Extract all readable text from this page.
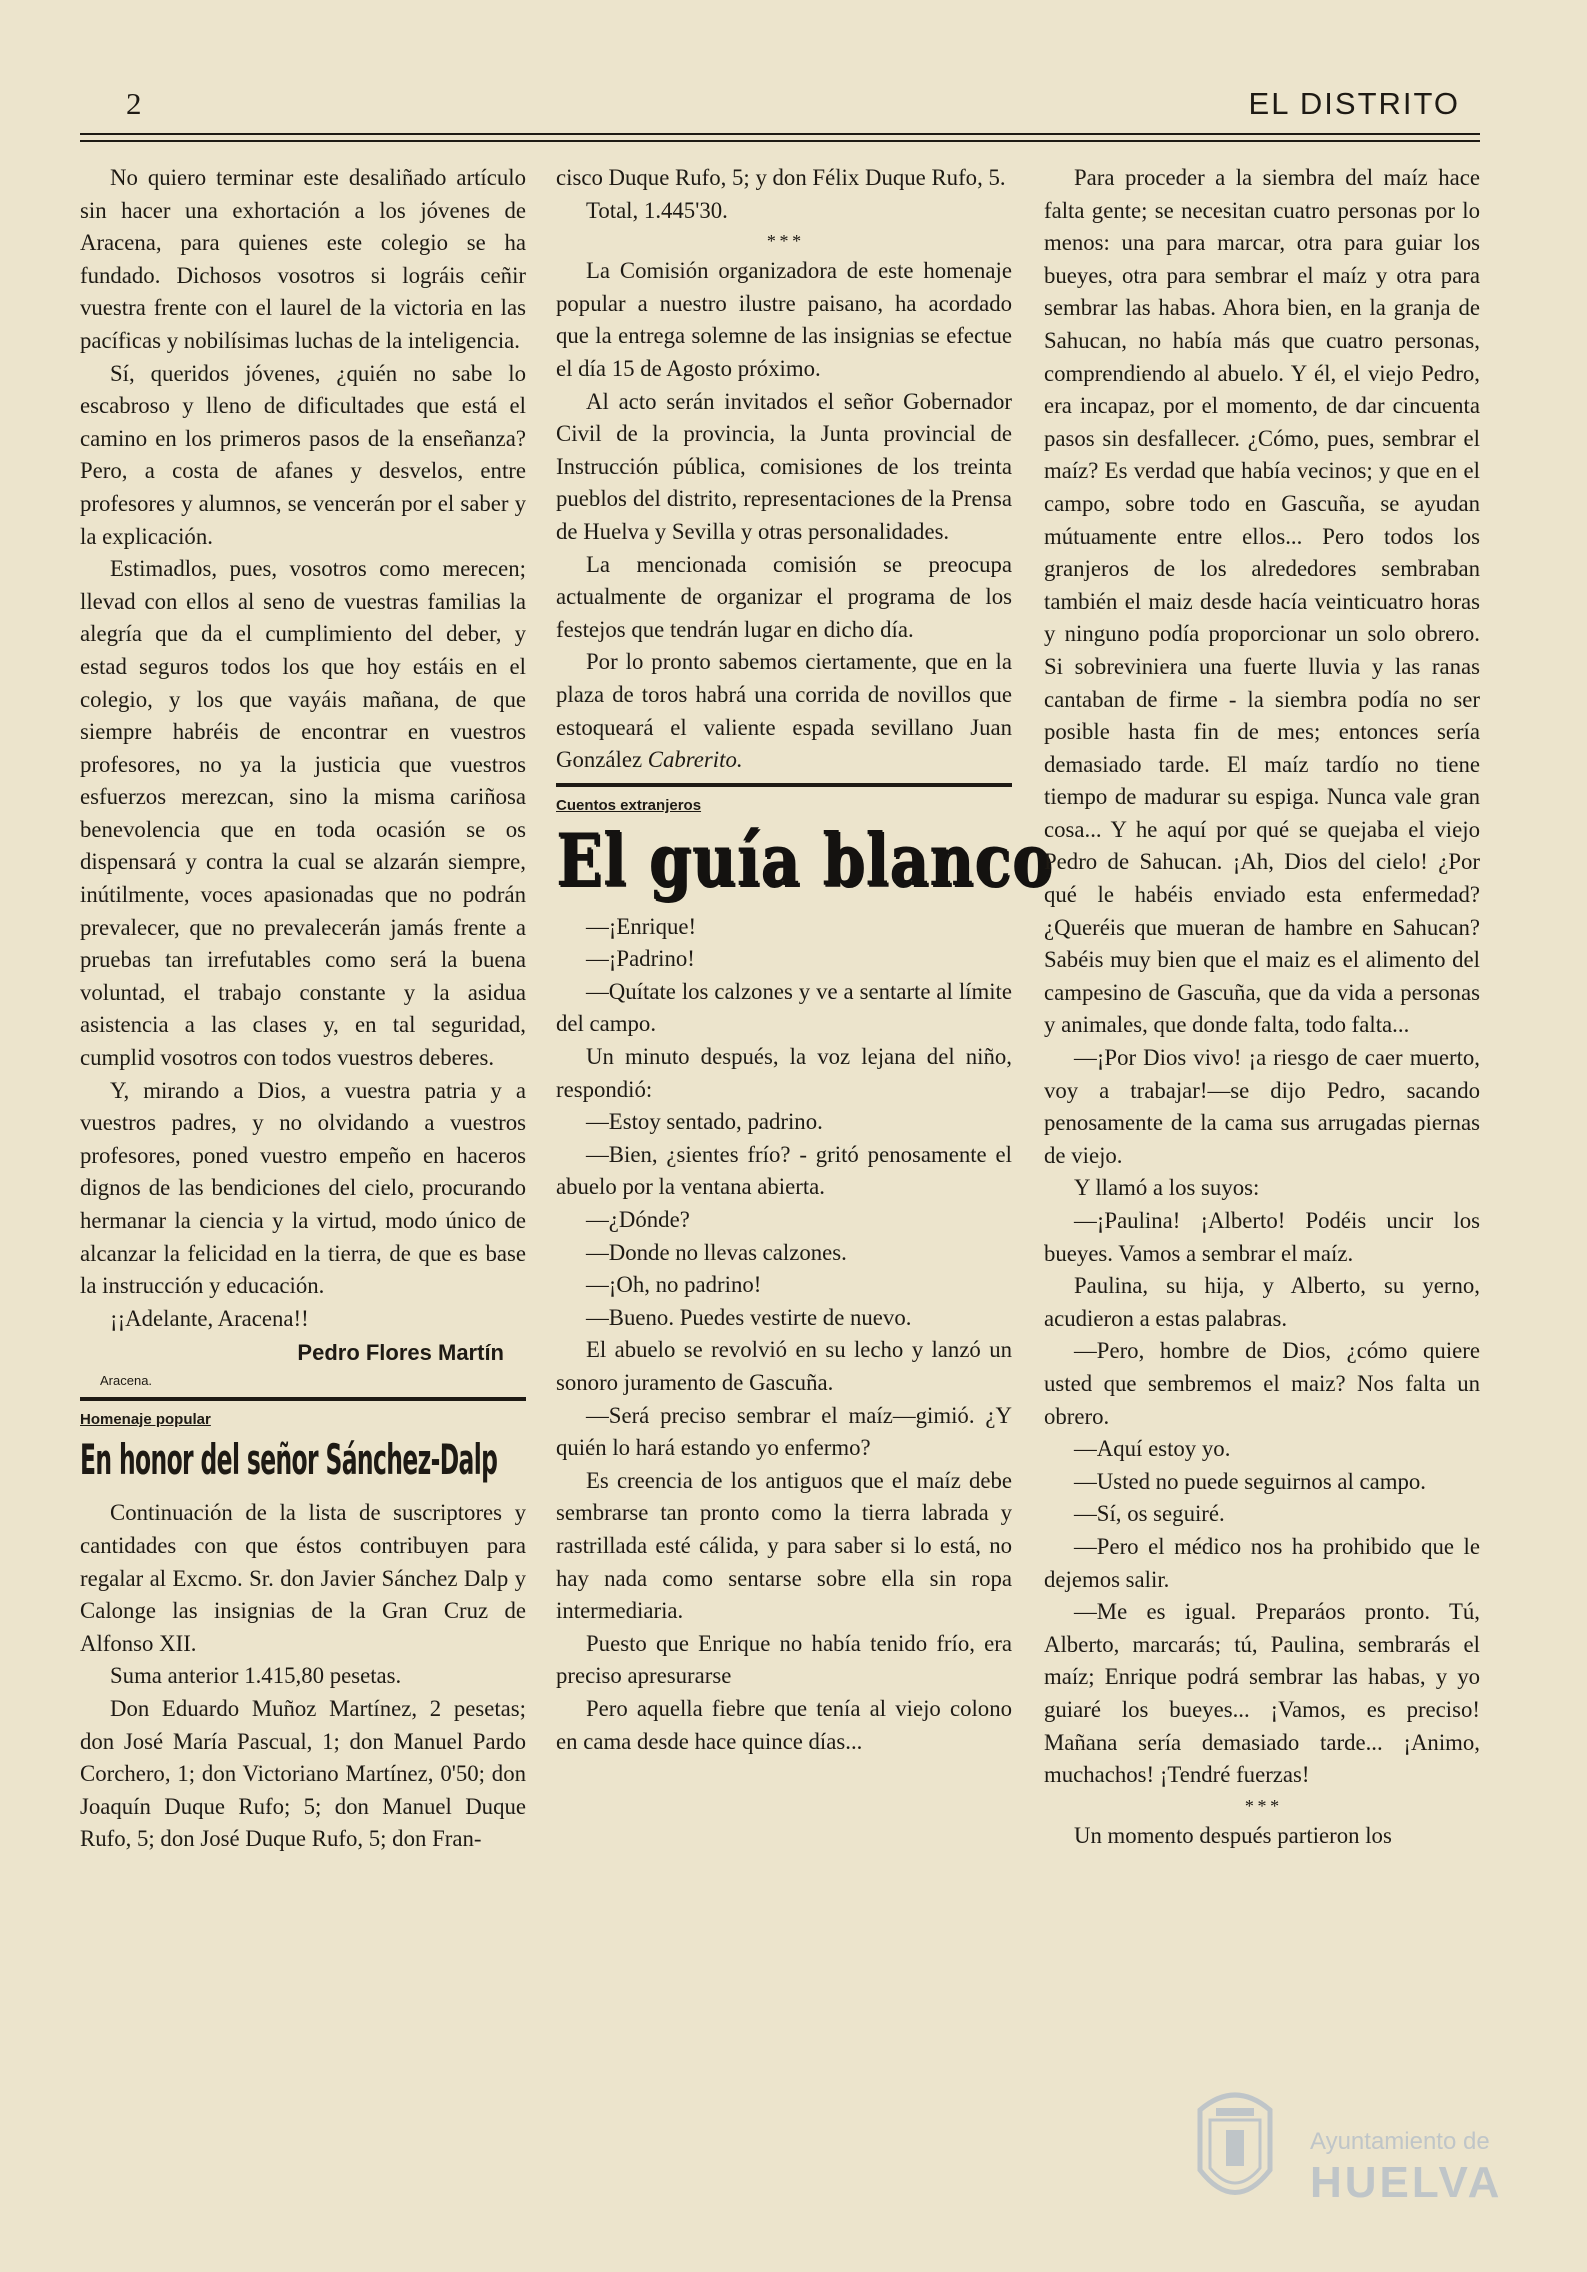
2	EL DISTRITO

No quiero terminar este desaliñado artículo sin hacer una exhortación a los jóvenes de Aracena, para quienes este colegio se ha fundado. Dichosos vosotros si lográis ceñir vuestra frente con el laurel de la victoria en las pacíficas y nobilísimas luchas de la inteligencia.

Sí, queridos jóvenes, ¿quién no sabe lo escabroso y lleno de dificultades que está el camino en los primeros pasos de la enseñanza? Pero, a costa de afanes y desvelos, entre profesores y alumnos, se vencerán por el saber y la explicación.

Estimadlos, pues, vosotros como merecen; llevad con ellos al seno de vuestras familias la alegría que da el cumplimiento del deber, y estad seguros todos los que hoy estáis en el colegio, y los que vayáis mañana, de que siempre habréis de encontrar en vuestros profesores, no ya la justicia que vuestros esfuerzos merezcan, sino la misma cariñosa benevolencia que en toda ocasión se os dispensará y contra la cual se alzarán siempre, inútilmente, voces apasionadas que no podrán prevalecer, que no prevalecerán jamás frente a pruebas tan irrefutables como será la buena voluntad, el trabajo constante y la asidua asistencia a las clases y, en tal seguridad, cumplid vosotros con todos vuestros deberes.

Y, mirando a Dios, a vuestra patria y a vuestros padres, y no olvidando a vuestros profesores, poned vuestro empeño en haceros dignos de las bendiciones del cielo, procurando hermanar la ciencia y la virtud, modo único de alcanzar la felicidad en la tierra, de que es base la instrucción y educación.

¡¡Adelante, Aracena!!

Pedro Flores Martín
Aracena.
Homenaje popular
En honor del señor Sánchez-Dalp

Continuación de la lista de suscriptores y cantidades con que éstos contribuyen para regalar al Excmo. Sr. don Javier Sánchez Dalp y Calonge las insignias de la Gran Cruz de Alfonso XII.

Suma anterior 1.415,80 pesetas.

Don Eduardo Muñoz Martínez, 2 pesetas; don José María Pascual, 1; don Manuel Pardo Corchero, 1; don Victoriano Martínez, 0'50; don Joaquín Duque Rufo; 5; don Manuel Duque Rufo, 5; don José Duque Rufo, 5; don Fran-

cisco Duque Rufo, 5; y don Félix Duque Rufo, 5.

Total, 1.445'30.

* * *

La Comisión organizadora de este homenaje popular a nuestro ilustre paisano, ha acordado que la entrega solemne de las insignias se efectue el día 15 de Agosto próximo.

Al acto serán invitados el señor Gobernador Civil de la provincia, la Junta provincial de Instrucción pública, comisiones de los treinta pueblos del distrito, representaciones de la Prensa de Huelva y Sevilla y otras personalidades.

La mencionada comisión se preocupa actualmente de organizar el programa de los festejos que tendrán lugar en dicho día.

Por lo pronto sabemos ciertamente, que en la plaza de toros habrá una corrida de novillos que estoqueará el valiente espada sevillano Juan González Cabrerito.

Cuentos extranjeros
El guía blanco

—¡Enrique!

—¡Padrino!

—Quítate los calzones y ve a sentarte al límite del campo.

Un minuto después, la voz lejana del niño, respondió:

—Estoy sentado, padrino.

—Bien, ¿sientes frío? - gritó penosamente el abuelo por la ventana abierta.

—¿Dónde?

—Donde no llevas calzones.

—¡Oh, no padrino!

—Bueno. Puedes vestirte de nuevo.

El abuelo se revolvió en su lecho y lanzó un sonoro juramento de Gascuña.

—Será preciso sembrar el maíz—gimió. ¿Y quién lo hará estando yo enfermo?

Es creencia de los antiguos que el maíz debe sembrarse tan pronto como la tierra labrada y rastrillada esté cálida, y para saber si lo está, no hay nada como sentarse sobre ella sin ropa intermediaria.

Puesto que Enrique no había tenido frío, era preciso apresurarse

Pero aquella fiebre que tenía al viejo colono en cama desde hace quince días...

Para proceder a la siembra del maíz hace falta gente; se necesitan cuatro personas por lo menos: una para marcar, otra para guiar los bueyes, otra para sembrar el maíz y otra para sembrar las habas. Ahora bien, en la granja de Sahucan, no había más que cuatro personas, comprendiendo al abuelo. Y él, el viejo Pedro, era incapaz, por el momento, de dar cincuenta pasos sin desfallecer. ¿Cómo, pues, sembrar el maíz? Es verdad que había vecinos; y que en el campo, sobre todo en Gascuña, se ayudan mútuamente entre ellos... Pero todos los granjeros de los alrededores sembraban también el maiz desde hacía veinticuatro horas y ninguno podía proporcionar un solo obrero. Si sobreviniera una fuerte lluvia y las ranas cantaban de firme - la siembra podía no ser posible hasta fin de mes; entonces sería demasiado tarde. El maíz tardío no tiene tiempo de madurar su espiga. Nunca vale gran cosa... Y he aquí por qué se quejaba el viejo Pedro de Sahucan. ¡Ah, Dios del cielo! ¿Por qué le habéis enviado esta enfermedad? ¿Queréis que mueran de hambre en Sahucan? Sabéis muy bien que el maiz es el alimento del campesino de Gascuña, que da vida a personas y animales, que donde falta, todo falta...

—¡Por Dios vivo! ¡a riesgo de caer muerto, voy a trabajar!—se dijo Pedro, sacando penosamente de la cama sus arrugadas piernas de viejo.

Y llamó a los suyos:

—¡Paulina! ¡Alberto! Podéis uncir los bueyes. Vamos a sembrar el maíz.

Paulina, su hija, y Alberto, su yerno, acudieron a estas palabras.

—Pero, hombre de Dios, ¿cómo quiere usted que sembremos el maiz? Nos falta un obrero.

—Aquí estoy yo.

—Usted no puede seguirnos al campo.

—Sí, os seguiré.

—Pero el médico nos ha prohibido que le dejemos salir.

—Me es igual. Preparáos pronto. Tú, Alberto, marcarás; tú, Paulina, sembrarás el maíz; Enrique podrá sembrar las habas, y yo guiaré los bueyes... ¡Vamos, es preciso! Mañana sería demasiado tarde... ¡Animo, muchachos! ¡Tendré fuerzas!

* * *

Un momento después partieron los

Ayuntamiento de
HUELVA
